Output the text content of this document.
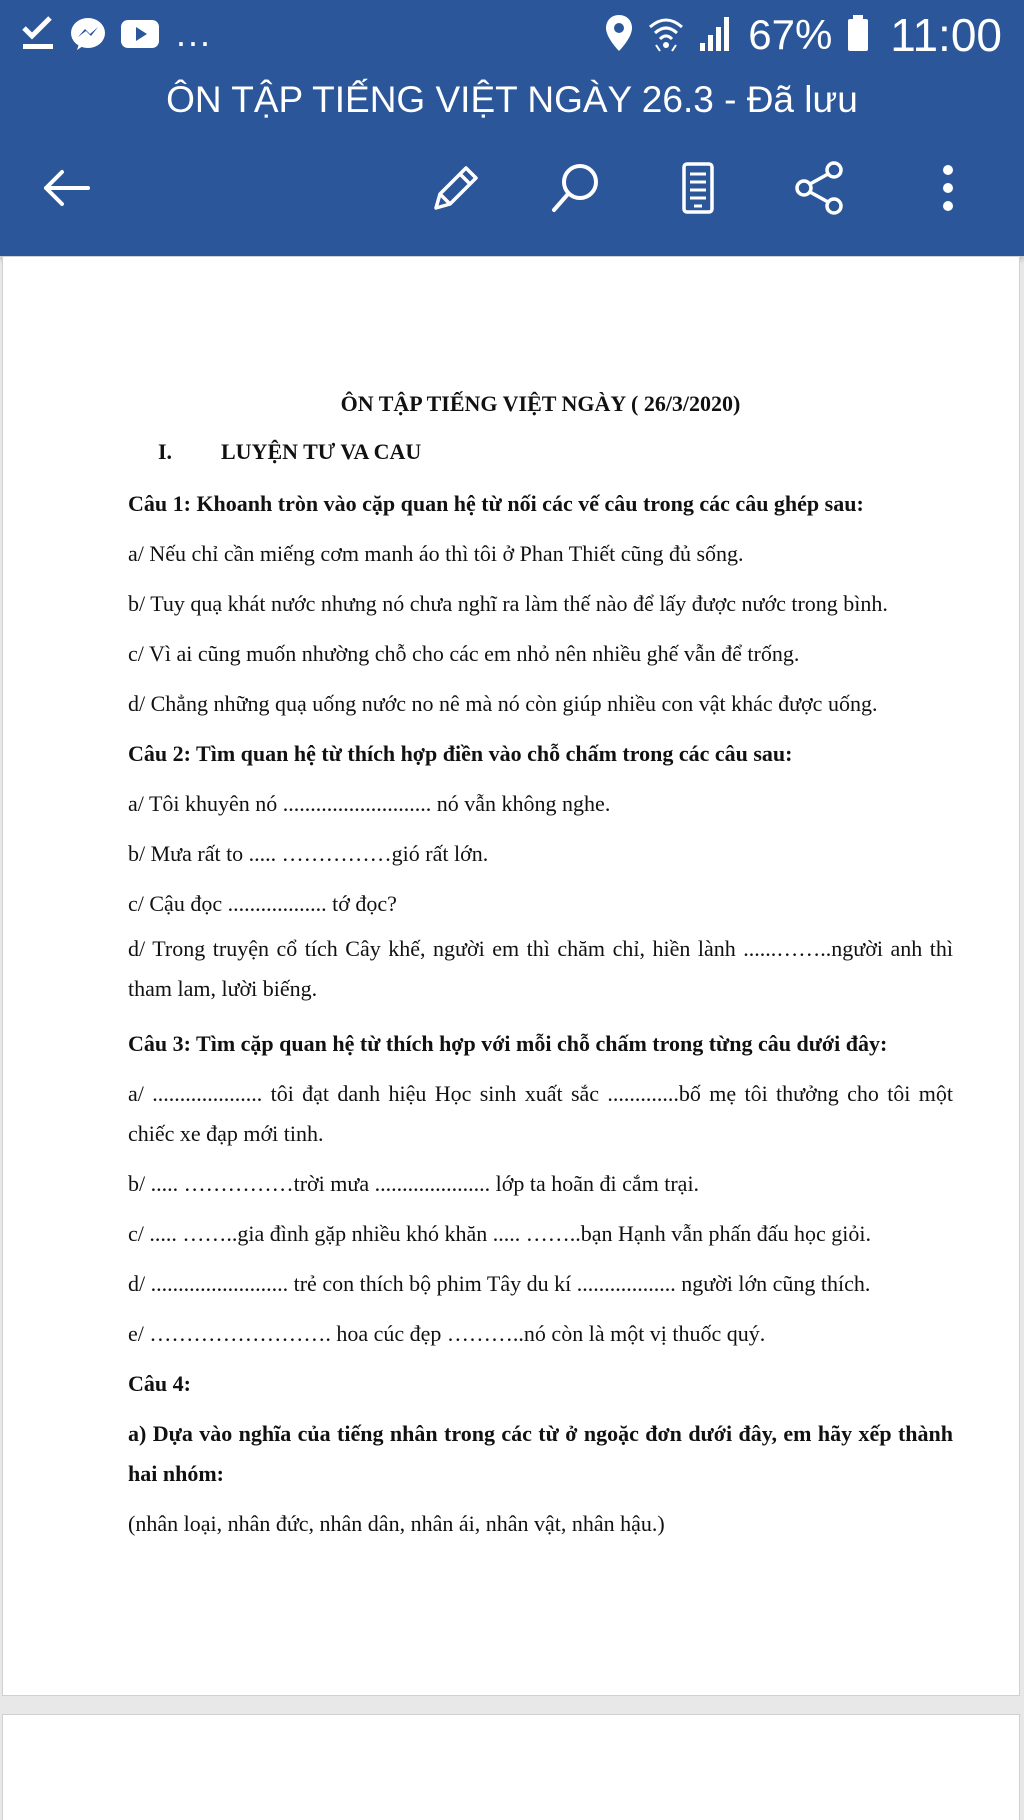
...	67% 11:00
ÔN TẬP TIẾNG VIỆT NGÀY 26.3 - Đã lưu
ÔN TẬP TIẾNG VIỆT NGÀY ( 26/3/2020)
I. LUYỆN TƯ VA CAU
Câu 1: Khoanh tròn vào cặp quan hệ từ nối các vế câu trong các câu ghép sau:
a/ Nếu chỉ cần miếng cơm manh áo thì tôi ở Phan Thiết cũng đủ sống.
b/ Tuy quạ khát nước nhưng nó chưa nghĩ ra làm thế nào để lấy được nước trong bình.
c/ Vì ai cũng muốn nhường chỗ cho các em nhỏ nên nhiều ghế vẫn để trống.
d/ Chẳng những quạ uống nước no nê mà nó còn giúp nhiều con vật khác được uống.
Câu 2: Tìm quan hệ từ thích hợp điền vào chỗ chấm trong các câu sau:
a/ Tôi khuyên nó ........................... nó vẫn không nghe.
b/ Mưa rất to ..... ……………gió rất lớn.
c/ Cậu đọc .................. tớ đọc?
d/ Trong truyện cổ tích Cây khế, người em thì chăm chỉ, hiền lành ......……..người anh thì tham lam, lười biếng.
Câu 3: Tìm cặp quan hệ từ thích hợp với mỗi chỗ chấm trong từng câu dưới đây:
a/ .................... tôi đạt danh hiệu Học sinh xuất sắc .............bố mẹ tôi thưởng cho tôi một chiếc xe đạp mới tinh.
b/ ..... ……………trời mưa ..................... lớp ta hoãn đi cắm trại.
c/ ..... ……..gia đình gặp nhiều khó khăn ..... ……..bạn Hạnh vẫn phấn đấu học giỏi.
d/ ......................... trẻ con thích bộ phim Tây du kí .................. người lớn cũng thích.
e/ ……………………. hoa cúc đẹp ………..nó còn là một vị thuốc quý.
Câu 4:
a) Dựa vào nghĩa của tiếng nhân trong các từ ở ngoặc đơn dưới đây, em hãy xếp thành hai nhóm:
(nhân loại, nhân đức, nhân dân, nhân ái, nhân vật, nhân hậu.)
